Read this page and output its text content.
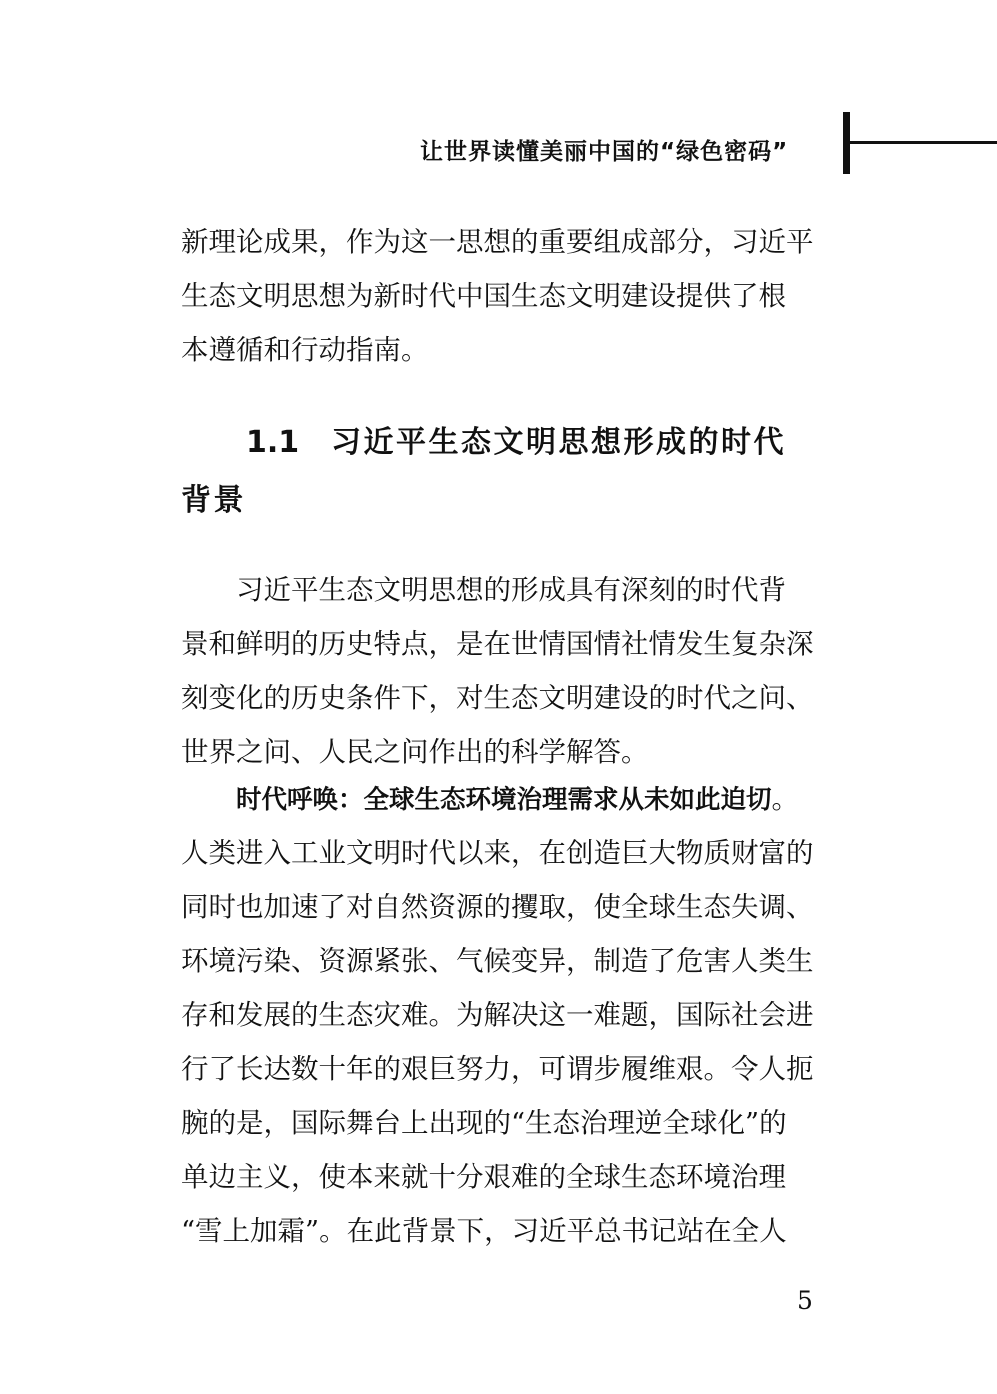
让世界读懂美丽中国的“绿色密码”
新理论成果，作为这一思想的重要组成部分，习近平
生态文明思想为新时代中国生态文明建设提供了根
本遵循和行动指南。
1.1 习近平生态文明思想形成的时代
背景
习近平生态文明思想的形成具有深刻的时代背
景和鲜明的历史特点，是在世情国情社情发生复杂深
刻变化的历史条件下，对生态文明建设的时代之问、
世界之问、人民之问作出的科学解答。
时代呼唤：全球生态环境治理需求从未如此迫切。
人类进入工业文明时代以来，在创造巨大物质财富的
同时也加速了对自然资源的攫取，使全球生态失调、
环境污染、资源紧张、气候变异，制造了危害人类生
存和发展的生态灾难。为解决这一难题，国际社会进
行了长达数十年的艰巨努力，可谓步履维艰。令人扼
腕的是，国际舞台上出现的“生态治理逆全球化”的
单边主义，使本来就十分艰难的全球生态环境治理
“雪上加霜”。在此背景下，习近平总书记站在全人
5
